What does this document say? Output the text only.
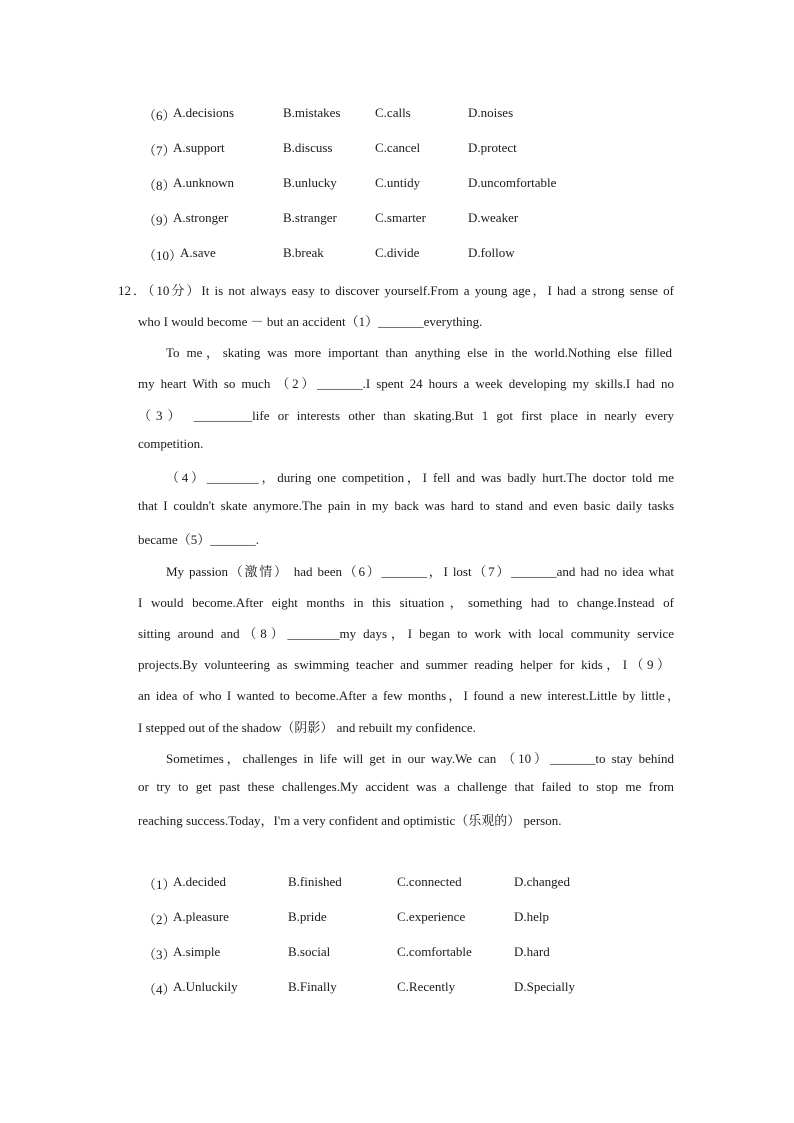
（6）
A.decisions	B.mistakes	C.calls	D.noises
（7）
A.support	B.discuss	C.cancel	D.protect
（8）
A.unknown	B.unlucky	C.untidy	D.uncomfortable
（9）
A.stronger	B.stranger	C.smarter	D.weaker
（10）
A.save	B.break	C.divide	D.follow
12．（10分）It is not always easy to discover yourself.From a young age，I had a strong sense of
who I would become － but an accident（1）_______everything.
To me，skating was more important than anything else in the world.Nothing else filled
my heart With so much （2）_______.I spent 24 hours a week developing my skills.I had no
（3） _________life or interests other than skating.But 1 got first place in nearly every
competition.
（4）________，during one competition，I fell and was badly hurt.The doctor told me
that I couldn't skate anymore.The pain in my back was hard to stand and even basic daily tasks
became（5）_______.
My passion（激情） had been（6）_______，I lost（7）_______and had no idea what
I would become.After eight months in this situation，something had to change.Instead of
sitting around and（8）________my days，I began to work with local community service
projects.By volunteering as swimming teacher and summer reading helper for kids，I（9）
an idea of who I wanted to become.After a few months，I found a new interest.Little by little，
I stepped out of the shadow（阴影） and rebuilt my confidence.
Sometimes，challenges in life will get in our way.We can （10）_______to stay behind
or try to get past these challenges.My accident was a challenge that failed to stop me from
reaching success.Today，I'm a very confident and optimistic（乐观的） person.
（1）
A.decided	B.finished	C.connected	D.changed
（2）
A.pleasure	B.pride	C.experience	D.help
（3）
A.simple	B.social	C.comfortable	D.hard
（4）
A.Unluckily	B.Finally	C.Recently	D.Specially
